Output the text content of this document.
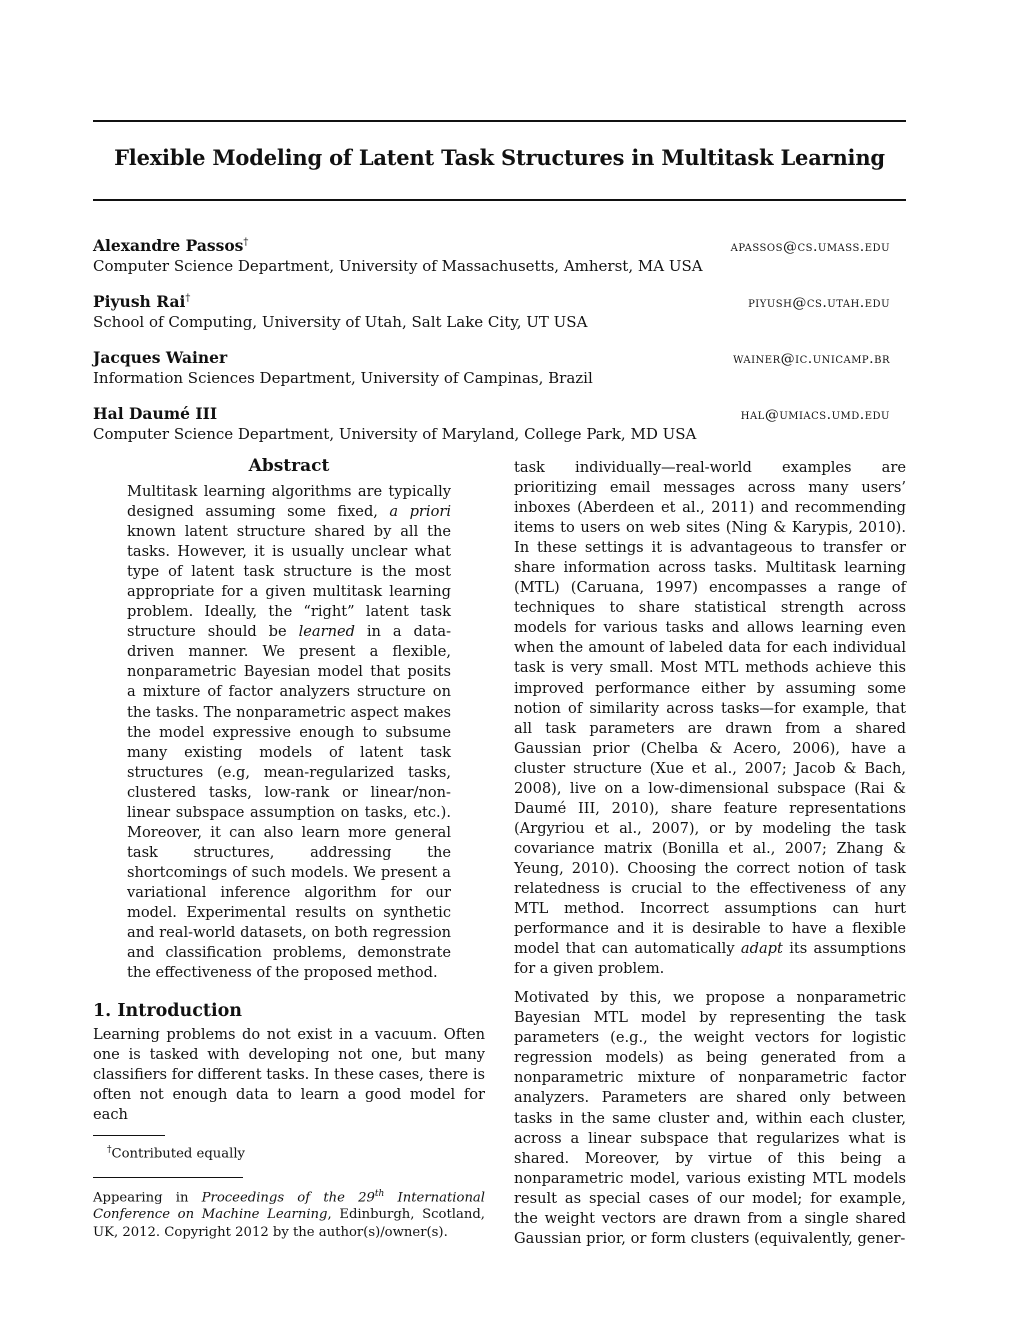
Flexible Modeling of Latent Task Structures in Multitask Learning
Alexandre Passos†	apassos@cs.umass.edu
Computer Science Department, University of Massachusetts, Amherst, MA USA
Piyush Rai†	piyush@cs.utah.edu
School of Computing, University of Utah, Salt Lake City, UT USA
Jacques Wainer	wainer@ic.unicamp.br
Information Sciences Department, University of Campinas, Brazil
Hal Daumé III	hal@umiacs.umd.edu
Computer Science Department, University of Maryland, College Park, MD USA
Abstract
Multitask learning algorithms are typically designed assuming some fixed, a priori known latent structure shared by all the tasks. However, it is usually unclear what type of latent task structure is the most appropriate for a given multitask learning problem. Ideally, the “right” latent task structure should be learned in a data-driven manner. We present a flexible, nonparametric Bayesian model that posits a mixture of factor analyzers structure on the tasks. The nonparametric aspect makes the model expressive enough to subsume many existing models of latent task structures (e.g, mean-regularized tasks, clustered tasks, low-rank or linear/non-linear subspace assumption on tasks, etc.). Moreover, it can also learn more general task structures, addressing the shortcomings of such models. We present a variational inference algorithm for our model. Experimental results on synthetic and real-world datasets, on both regression and classification problems, demonstrate the effectiveness of the proposed method.
1. Introduction

Learning problems do not exist in a vacuum. Often one is tasked with developing not one, but many classifiers for different tasks. In these cases, there is often not enough data to learn a good model for each

†Contributed equally
Appearing in Proceedings of the 29th International Conference on Machine Learning, Edinburgh, Scotland, UK, 2012. Copyright 2012 by the author(s)/owner(s).

task individually—real-world examples are prioritizing email messages across many users’ inboxes (Aberdeen et al., 2011) and recommending items to users on web sites (Ning & Karypis, 2010). In these settings it is advantageous to transfer or share information across tasks. Multitask learning (MTL) (Caruana, 1997) encompasses a range of techniques to share statistical strength across models for various tasks and allows learning even when the amount of labeled data for each individual task is very small. Most MTL methods achieve this improved performance either by assuming some notion of similarity across tasks—for example, that all task parameters are drawn from a shared Gaussian prior (Chelba & Acero, 2006), have a cluster structure (Xue et al., 2007; Jacob & Bach, 2008), live on a low-dimensional subspace (Rai & Daumé III, 2010), share feature representations (Argyriou et al., 2007), or by modeling the task covariance matrix (Bonilla et al., 2007; Zhang & Yeung, 2010). Choosing the correct notion of task relatedness is crucial to the effectiveness of any MTL method. Incorrect assumptions can hurt performance and it is desirable to have a flexible model that can automatically adapt its assumptions for a given problem.

Motivated by this, we propose a nonparametric Bayesian MTL model by representing the task parameters (e.g., the weight vectors for logistic regression models) as being generated from a nonparametric mixture of nonparametric factor analyzers. Parameters are shared only between tasks in the same cluster and, within each cluster, across a linear subspace that regularizes what is shared. Moreover, by virtue of this being a nonparametric model, various existing MTL models result as special cases of our model; for example, the weight vectors are drawn from a single shared Gaussian prior, or form clusters (equivalently, gener-
